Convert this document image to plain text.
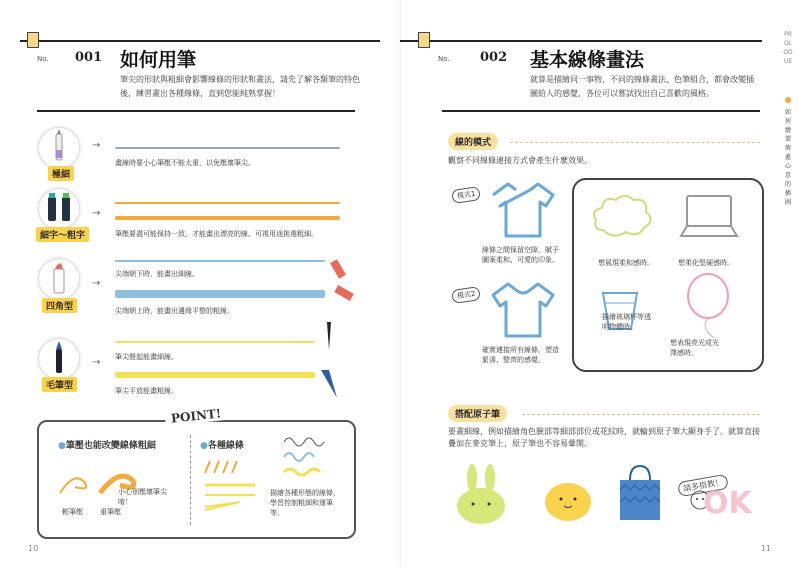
No. 001 如何用筆
筆尖的形狀與粗細會影響線條的形狀和畫法，請先了解各類筆的特色後，練習畫出各種線條，直到您能純熟掌握！
極細
→
畫線時要小心筆壓不能太重，以免壓壞筆尖。
細字～粗字
→
筆壓要盡可能保持一致，才能畫出漂亮的線。可視用途挑選粗細。
四角型
→
尖端朝下時，能畫出細線。
尖端朝上時，能畫出邊緣平整的粗線。
毛筆型
→ 筆尖豎起能畫細線。
筆尖平放能畫粗線。
POINT!
●筆壓也能改變線條粗細
小心別壓壞筆尖唷！
輕筆壓 重筆壓
●各種線條
描繪各種形態的線條，學習控制粗細和運筆等。
10
No. 002 基本線條畫法
就算是描繪同一事物，不同的線條畫法、色筆組合，都會改變插圖給人的感覺，各位可以嘗試找出自己喜歡的風格。
線的模式
觀察不同線條連接方式會產生什麼效果。
模式1
線條之間保留空隙，賦予圖案柔和、可愛的印象。
模式2
確實連接所有線條，塑造緊湊、整齊的感覺。
想展現柔和感時。	想柔化堅硬感時。
描繪玻璃杯等透明物體時。
想表現亮光或光澤感時。
搭配原子筆
要畫細線，例如描繪角色臉部等細部部位或花紋時，就輪到原子筆大顯身手了。就算直接疊加在麥克筆上，原子筆也不容易暈開。
請多指教！
OK
PROLOGUE
如何繪製傳遞心意的插圖
11
